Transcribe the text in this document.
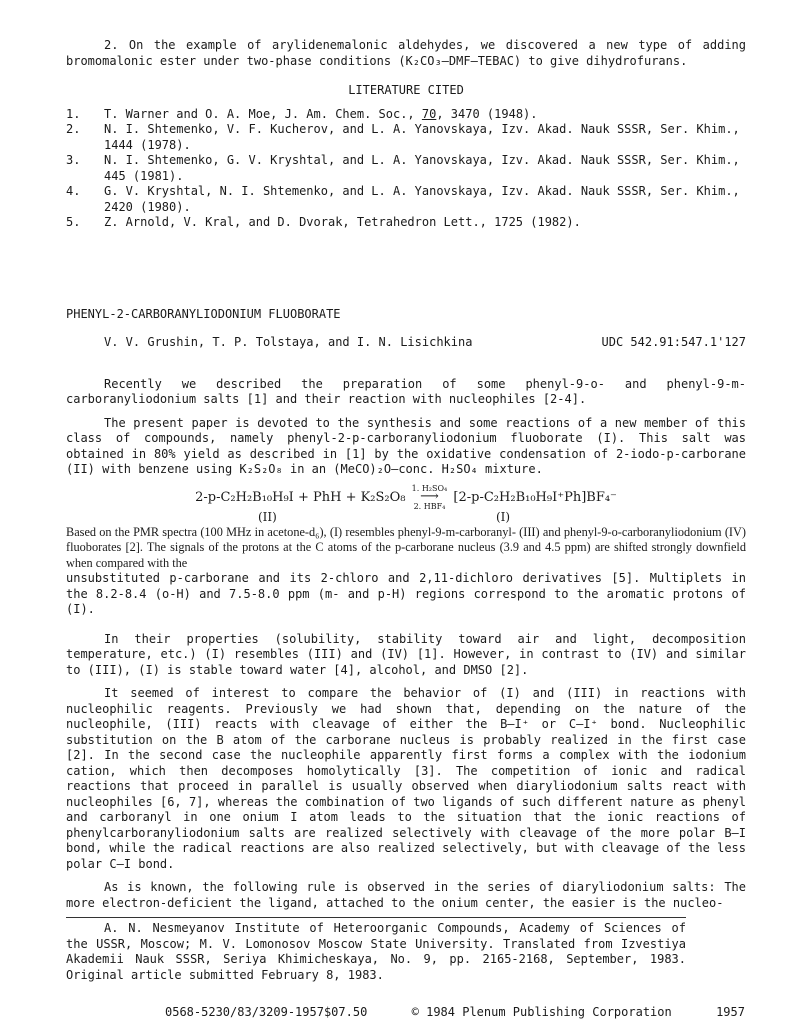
2. On the example of arylidenemalonic aldehydes, we discovered a new type of adding bromomalonic ester under two-phase conditions (K₂CO₃–DMF–TEBAC) to give dihydrofurans.

LITERATURE CITED

1.	T. Warner and O. A. Moe, J. Am. Chem. Soc., 70, 3470 (1948).
2.	N. I. Shtemenko, V. F. Kucherov, and L. A. Yanovskaya, Izv. Akad. Nauk SSSR, Ser. Khim., 1444 (1978).
3.	N. I. Shtemenko, G. V. Kryshtal, and L. A. Yanovskaya, Izv. Akad. Nauk SSSR, Ser. Khim., 445 (1981).
4.	G. V. Kryshtal, N. I. Shtemenko, and L. A. Yanovskaya, Izv. Akad. Nauk SSSR, Ser. Khim., 2420 (1980).
5.	Z. Arnold, V. Kral, and D. Dvorak, Tetrahedron Lett., 1725 (1982).

PHENYL-2-CARBORANYLIODONIUM FLUOBORATE

V. V. Grushin, T. P. Tolstaya, and I. N. Lisichkina	UDC 542.91:547.1'127

Recently we described the preparation of some phenyl-9-o- and phenyl-9-m-carboranyliodonium salts [1] and their reaction with nucleophiles [2-4].

The present paper is devoted to the synthesis and some reactions of a new member of this class of compounds, namely phenyl-2-p-carboranyliodonium fluoborate (I). This salt was obtained in 80% yield as described in [1] by the oxidative condensation of 2-iodo-p-carborane (II) with benzene using K₂S₂O₈ in an (MeCO)₂O–conc. H₂SO₄ mixture.

2-p-C₂H₂B₁₀H₉I + PhH + K₂S₂O₈ 1. H₂SO₄
⟶
2. HBF₄ [2-p-C₂H₂B₁₀H₉I⁺Ph]BF₄⁻
(II)	(I)

Based on the PMR spectra (100 MHz in acetone-d₆), (I) resembles phenyl-9-m-carboranyl- (III) and phenyl-9-o-carboranyliodonium (IV) fluoborates [2]. The signals of the protons at the C atoms of the p-carborane nucleus (3.9 and 4.5 ppm) are shifted strongly downfield when compared with the

unsubstituted p-carborane and its 2-chloro and 2,11-dichloro derivatives [5]. Multiplets in the 8.2-8.4 (o-H) and 7.5-8.0 ppm (m- and p-H) regions correspond to the aromatic protons of (I).

In their properties (solubility, stability toward air and light, decomposition temperature, etc.) (I) resembles (III) and (IV) [1]. However, in contrast to (IV) and similar to (III), (I) is stable toward water [4], alcohol, and DMSO [2].

It seemed of interest to compare the behavior of (I) and (III) in reactions with nucleophilic reagents. Previously we had shown that, depending on the nature of the nucleophile, (III) reacts with cleavage of either the B–I⁺ or C–I⁺ bond. Nucleophilic substitution on the B atom of the carborane nucleus is probably realized in the first case [2]. In the second case the nucleophile apparently first forms a complex with the iodonium cation, which then decomposes homolytically [3]. The competition of ionic and radical reactions that proceed in parallel is usually observed when diaryliodonium salts react with nucleophiles [6, 7], whereas the combination of two ligands of such different nature as phenyl and carboranyl in one onium I atom leads to the situation that the ionic reactions of phenylcarboranyliodonium salts are realized selectively with cleavage of the more polar B–I bond, while the radical reactions are also realized selectively, but with cleavage of the less polar C–I bond.

As is known, the following rule is observed in the series of diaryliodonium salts: The more electron-deficient the ligand, attached to the onium center, the easier is the nucleo-

A. N. Nesmeyanov Institute of Heteroorganic Compounds, Academy of Sciences of the USSR, Moscow; M. V. Lomonosov Moscow State University. Translated from Izvestiya Akademii Nauk SSSR, Seriya Khimicheskaya, No. 9, pp. 2165-2168, September, 1983. Original article submitted February 8, 1983.

0568-5230/83/3209-1957$07.50	© 1984 Plenum Publishing Corporation	1957
